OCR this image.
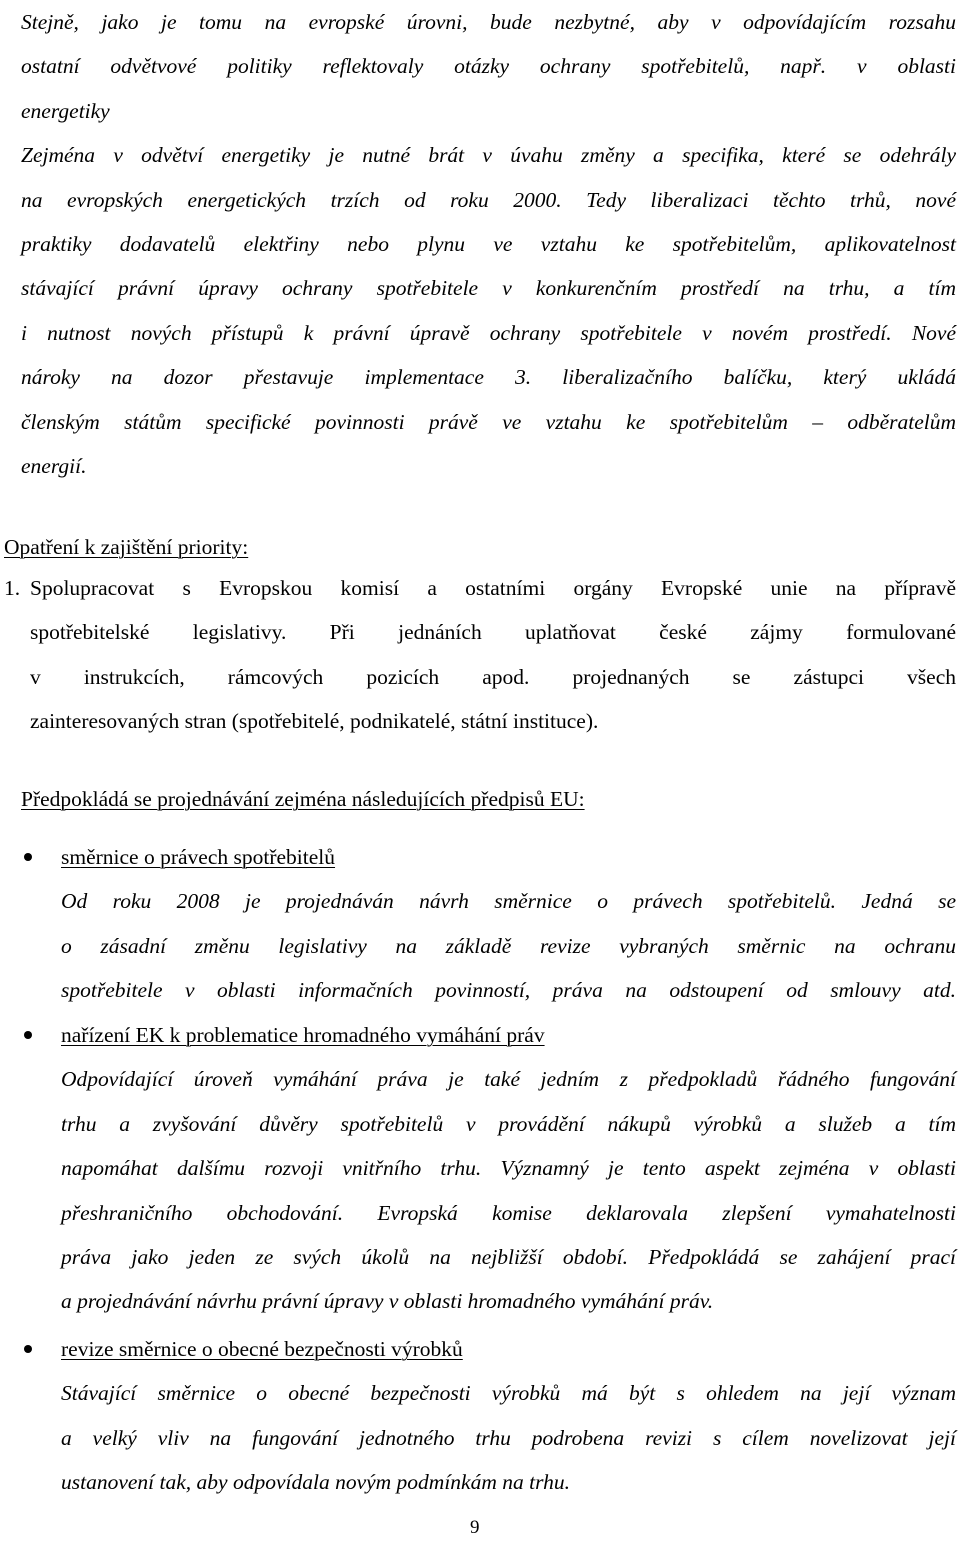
Stejně, jako je tomu na evropské úrovni, bude nezbytné, aby v odpovídajícím rozsahu
ostatní odvětvové politiky reflektovaly otázky ochrany spotřebitelů, např. v oblasti
energetiky
Zejména v odvětví energetiky je nutné brát v úvahu změny a specifika, které se odehrály
na evropských energetických trzích od roku 2000. Tedy liberalizaci těchto trhů, nové
praktiky dodavatelů elektřiny nebo plynu ve vztahu ke spotřebitelům, aplikovatelnost
stávající právní úpravy ochrany spotřebitele v konkurenčním prostředí na trhu, a tím
i nutnost nových přístupů k právní úpravě ochrany spotřebitele v novém prostředí. Nové
nároky na dozor přestavuje implementace 3. liberalizačního balíčku, který ukládá
členským státům specifické povinnosti právě ve vztahu ke spotřebitelům – odběratelům
energií.
Opatření k zajištění priority:
1. Spolupracovat s Evropskou komisí a ostatními orgány Evropské unie na přípravě
spotřebitelské legislativy. Při jednáních uplatňovat české zájmy formulované
v instrukcích, rámcových pozicích apod. projednaných se zástupci všech
zainteresovaných stran (spotřebitelé, podnikatelé, státní instituce).
Předpokládá se projednávání zejména následujících předpisů EU:
směrnice o právech spotřebitelů
Od roku 2008 je projednáván návrh směrnice o právech spotřebitelů. Jedná se
o zásadní změnu legislativy na základě revize vybraných směrnic na ochranu
spotřebitele v oblasti informačních povinností, práva na odstoupení od smlouvy atd.
nařízení EK k problematice hromadného vymáhání práv
Odpovídající úroveň vymáhání práva je také jedním z předpokladů řádného fungování
trhu a zvyšování důvěry spotřebitelů v provádění nákupů výrobků a služeb a tím
napomáhat dalšímu rozvoji vnitřního trhu. Významný je tento aspekt zejména v oblasti
přeshraničního obchodování. Evropská komise deklarovala zlepšení vymahatelnosti
práva jako jeden ze svých úkolů na nejbližší období. Předpokládá se zahájení prací
a projednávání návrhu právní úpravy v oblasti hromadného vymáhání práv.
revize směrnice o obecné bezpečnosti výrobků
Stávající směrnice o obecné bezpečnosti výrobků má být s ohledem na její význam
a velký vliv na fungování jednotného trhu podrobena revizi s cílem novelizovat její
ustanovení tak, aby odpovídala novým podmínkám na trhu.
9
